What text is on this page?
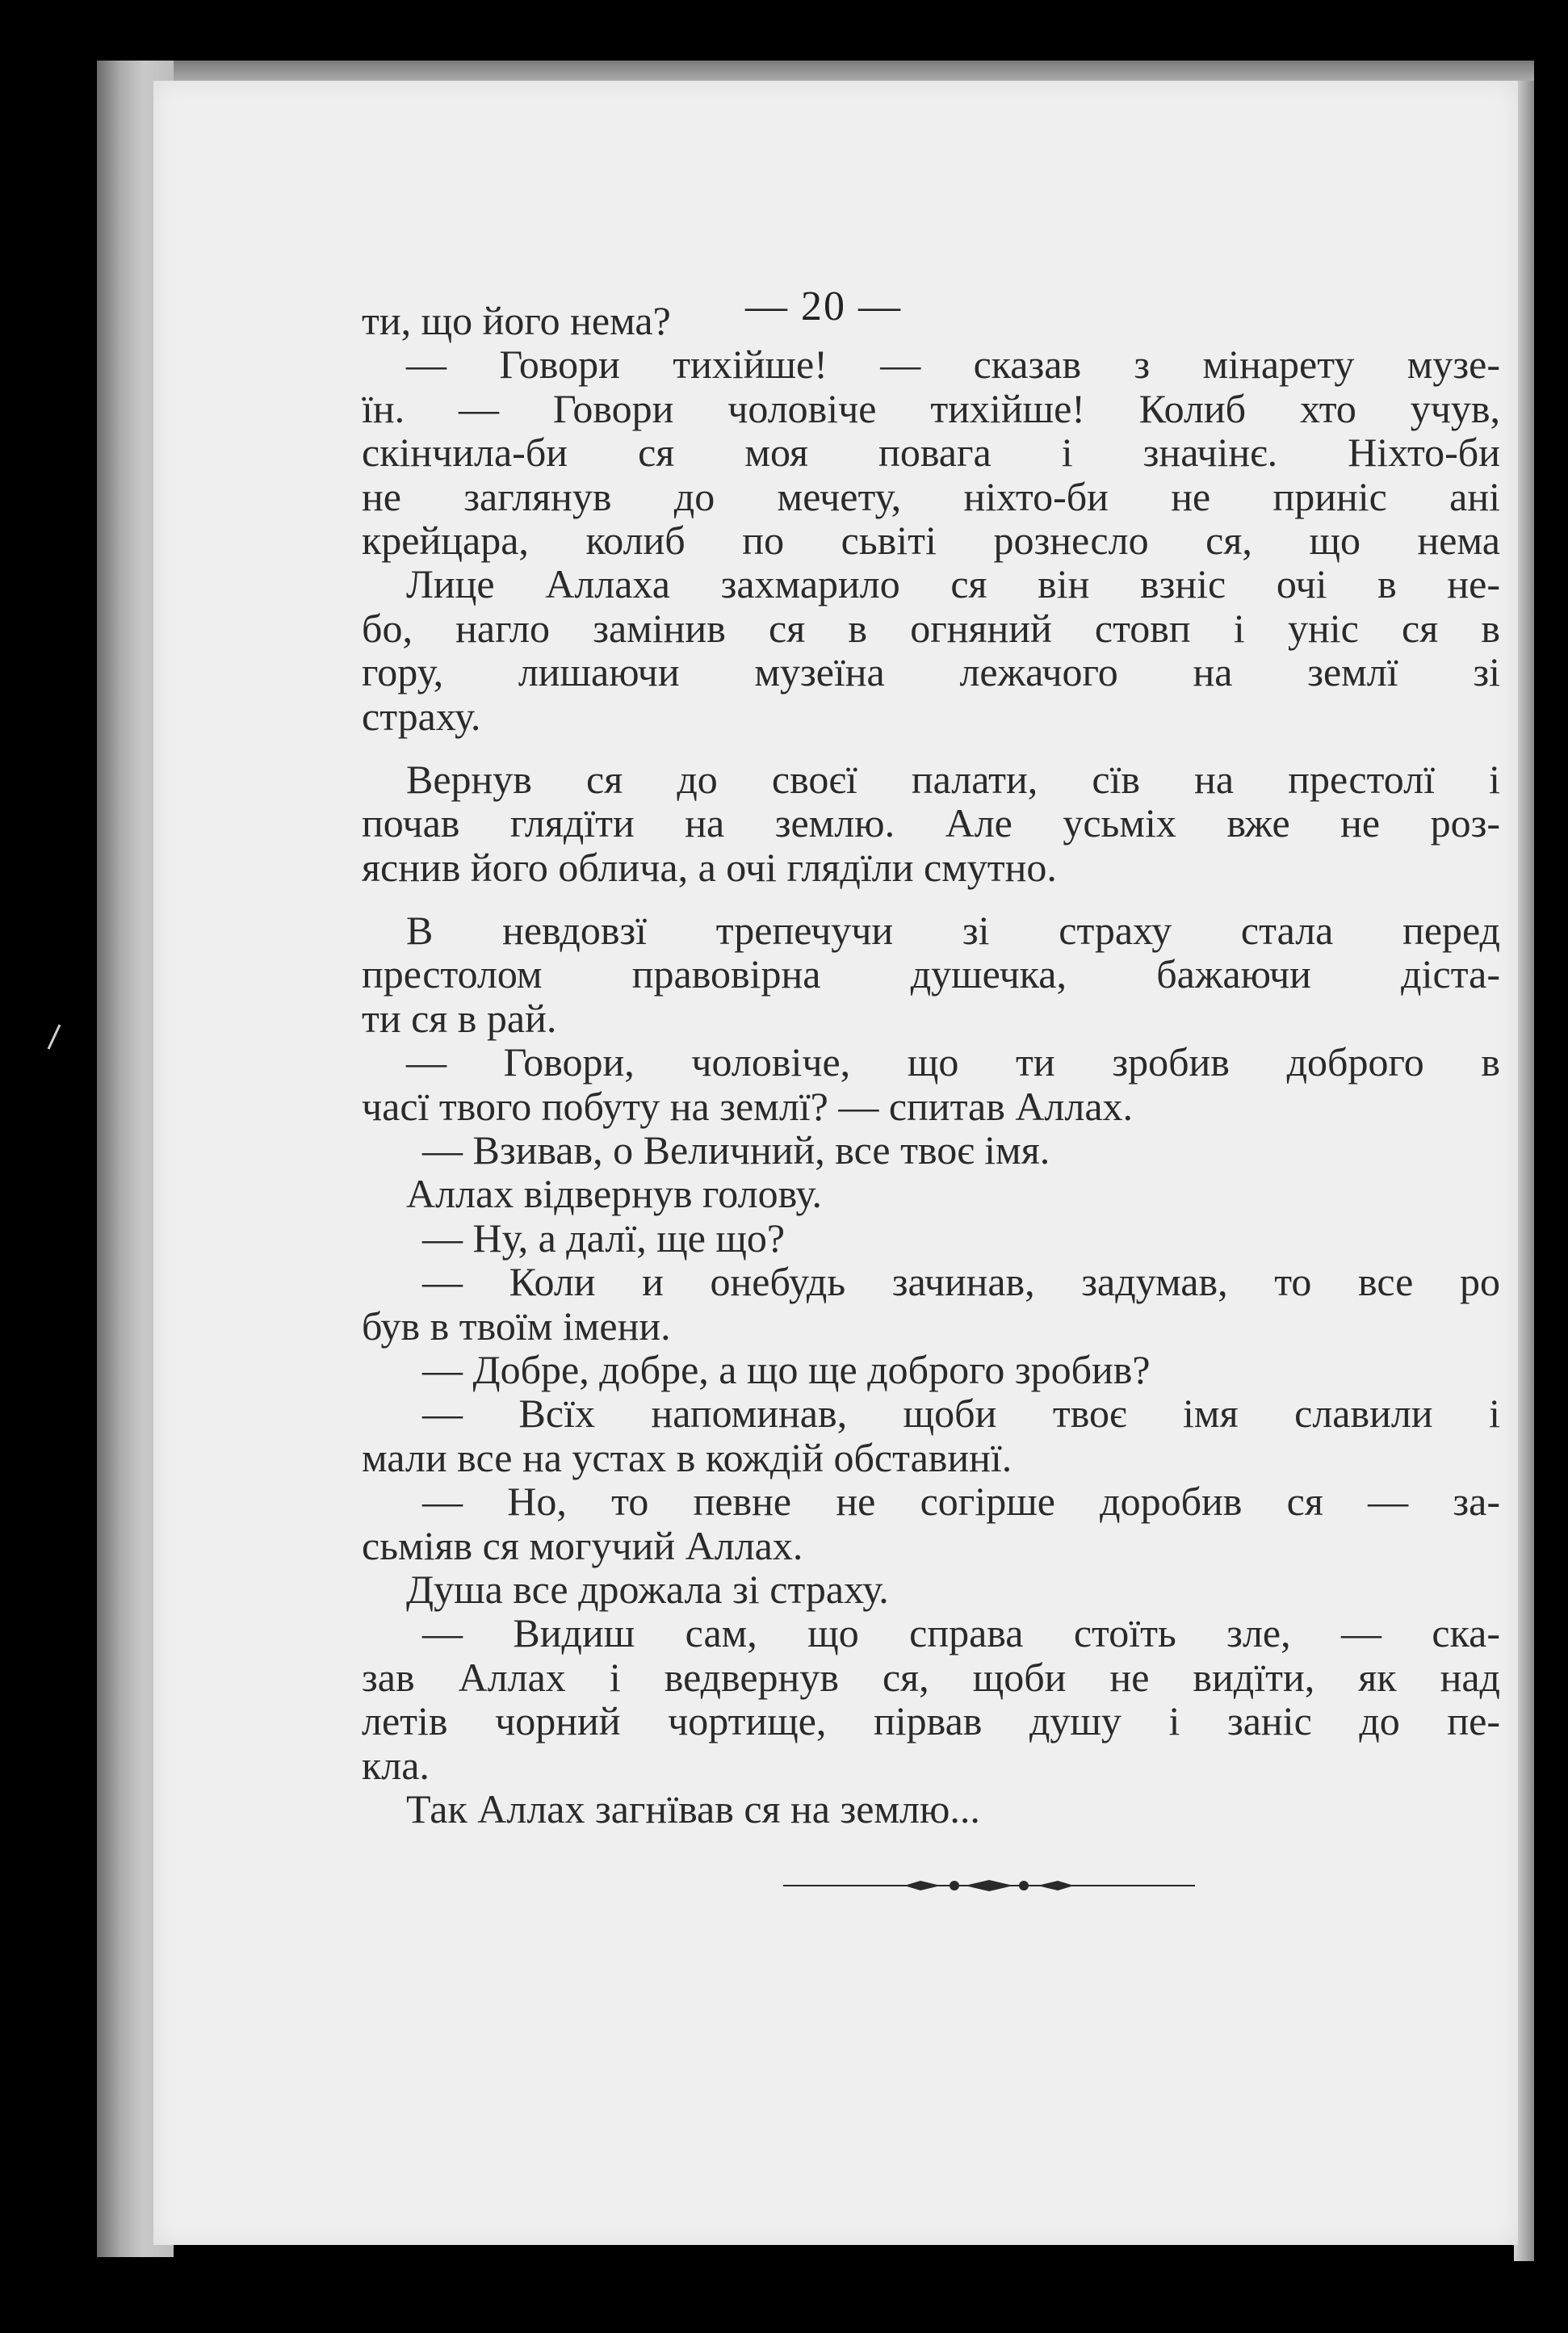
— 20 —
ти, що його нема?
— Говори тихійше! — сказав з мінарету музе-
їн. — Говори чоловіче тихійше! Колиб хто учув,
скінчила-би ся моя повага і значінє. Ніхто-би
не заглянув до мечету, ніхто-би не приніс ані
крейцара, колиб по сьвіті рознесло ся, що нема
Лице Аллаха захмарило ся він взніс очі в не-
бо, нагло замінив ся в огняний стовп і уніс ся в
гору, лишаючи музеїна лежачого на землї зі
страху.
Вернув ся до своєї палати, сїв на престолї і
почав глядїти на землю. Але усьміх вже не роз-
яснив його облича, а очі глядїли смутно.
В невдовзї трепечучи зі страху стала перед
престолом правовірна душечка, бажаючи діста-
ти ся в рай.
— Говори, чоловіче, що ти зробив доброго в
часї твого побуту на землї? — спитав Аллах.
— Взивав, о Величний, все твоє імя.
Аллах відвернув голову.
— Ну, а далї, ще що?
— Коли и онебудь зачинав, задумав, то все ро
був в твоїм імени.
— Добре, добре, а що ще доброго зробив?
— Всїх напоминав, щоби твоє імя славили і
мали все на устах в кождій обставинї.
— Но, то певне не согірше доробив ся — за-
сьміяв ся могучий Аллах.
Душа все дрожала зі страху.
— Видиш сам, що справа стоїть зле, — ска-
зав Аллах і ведвернув ся, щоби не видїти, як над
летів чорний чортище, пірвав душу і заніс до пе-
кла.
Так Аллах загнївав ся на землю...
